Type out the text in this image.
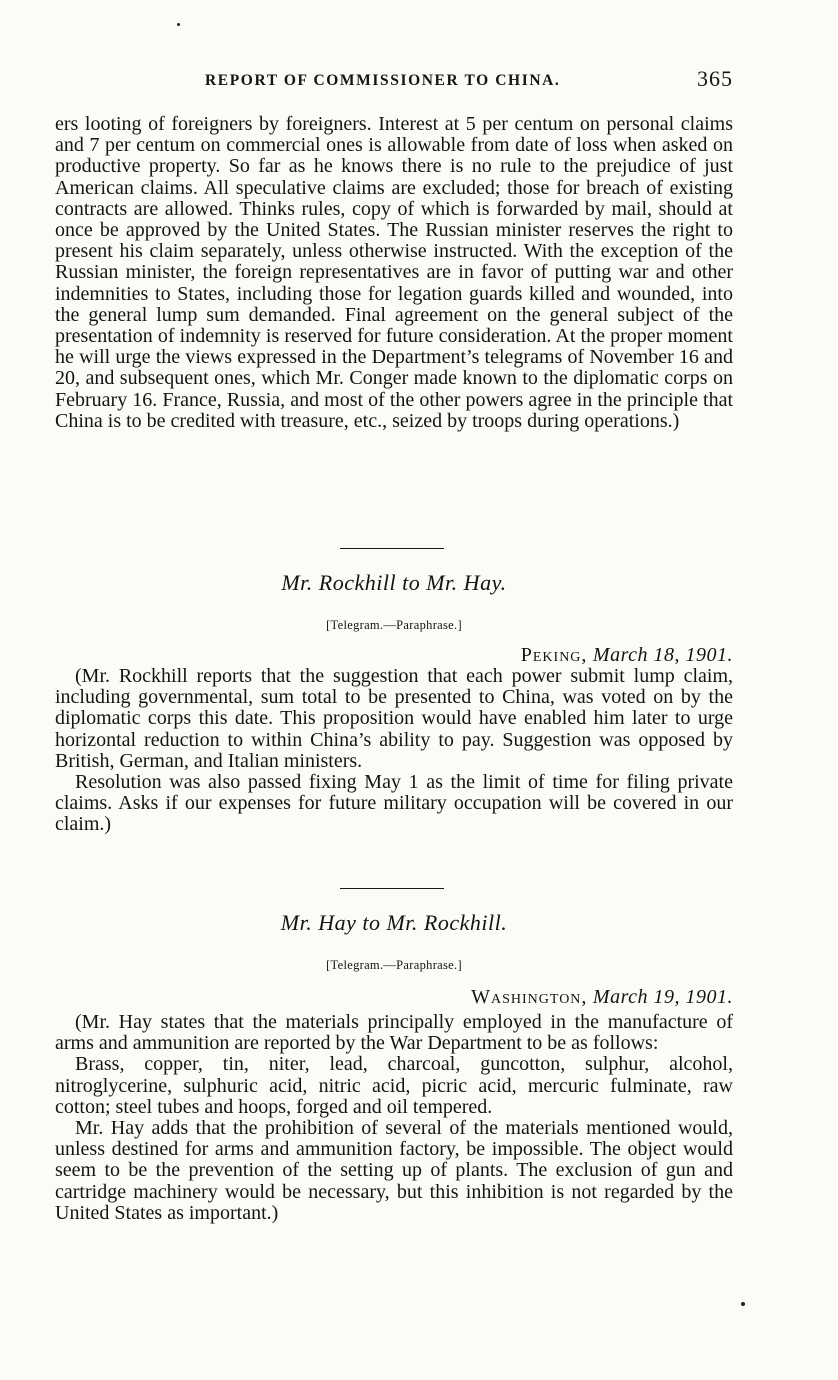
REPORT OF COMMISSIONER TO CHINA.	365

ers looting of foreigners by foreigners. Interest at 5 per centum on personal claims and 7 per centum on commercial ones is allowable from date of loss when asked on productive property. So far as he knows there is no rule to the prejudice of just American claims. All speculative claims are excluded; those for breach of existing contracts are allowed. Thinks rules, copy of which is forwarded by mail, should at once be approved by the United States. The Russian minister reserves the right to present his claim separately, unless otherwise instructed. With the exception of the Russian minister, the foreign representatives are in favor of putting war and other indemnities to States, including those for legation guards killed and wounded, into the general lump sum demanded. Final agreement on the general subject of the presentation of indemnity is reserved for future consideration. At the proper moment he will urge the views expressed in the Department’s telegrams of November 16 and 20, and subsequent ones, which Mr. Conger made known to the diplomatic corps on February 16. France, Russia, and most of the other powers agree in the principle that China is to be credited with treasure, etc., seized by troops during operations.)

Mr. Rockhill to Mr. Hay.
[Telegram.—Paraphrase.]
Peking, March 18, 1901.

(Mr. Rockhill reports that the suggestion that each power submit lump claim, including governmental, sum total to be presented to China, was voted on by the diplomatic corps this date. This proposition would have enabled him later to urge horizontal reduction to within China’s ability to pay. Suggestion was opposed by British, German, and Italian ministers.

Resolution was also passed fixing May 1 as the limit of time for filing private claims. Asks if our expenses for future military occupation will be covered in our claim.)

Mr. Hay to Mr. Rockhill.
[Telegram.—Paraphrase.]
Washington, March 19, 1901.

(Mr. Hay states that the materials principally employed in the manufacture of arms and ammunition are reported by the War Department to be as follows:

Brass, copper, tin, niter, lead, charcoal, guncotton, sulphur, alcohol, nitroglycerine, sulphuric acid, nitric acid, picric acid, mercuric fulminate, raw cotton; steel tubes and hoops, forged and oil tempered.

Mr. Hay adds that the prohibition of several of the materials mentioned would, unless destined for arms and ammunition factory, be impossible. The object would seem to be the prevention of the setting up of plants. The exclusion of gun and cartridge machinery would be necessary, but this inhibition is not regarded by the United States as important.)
